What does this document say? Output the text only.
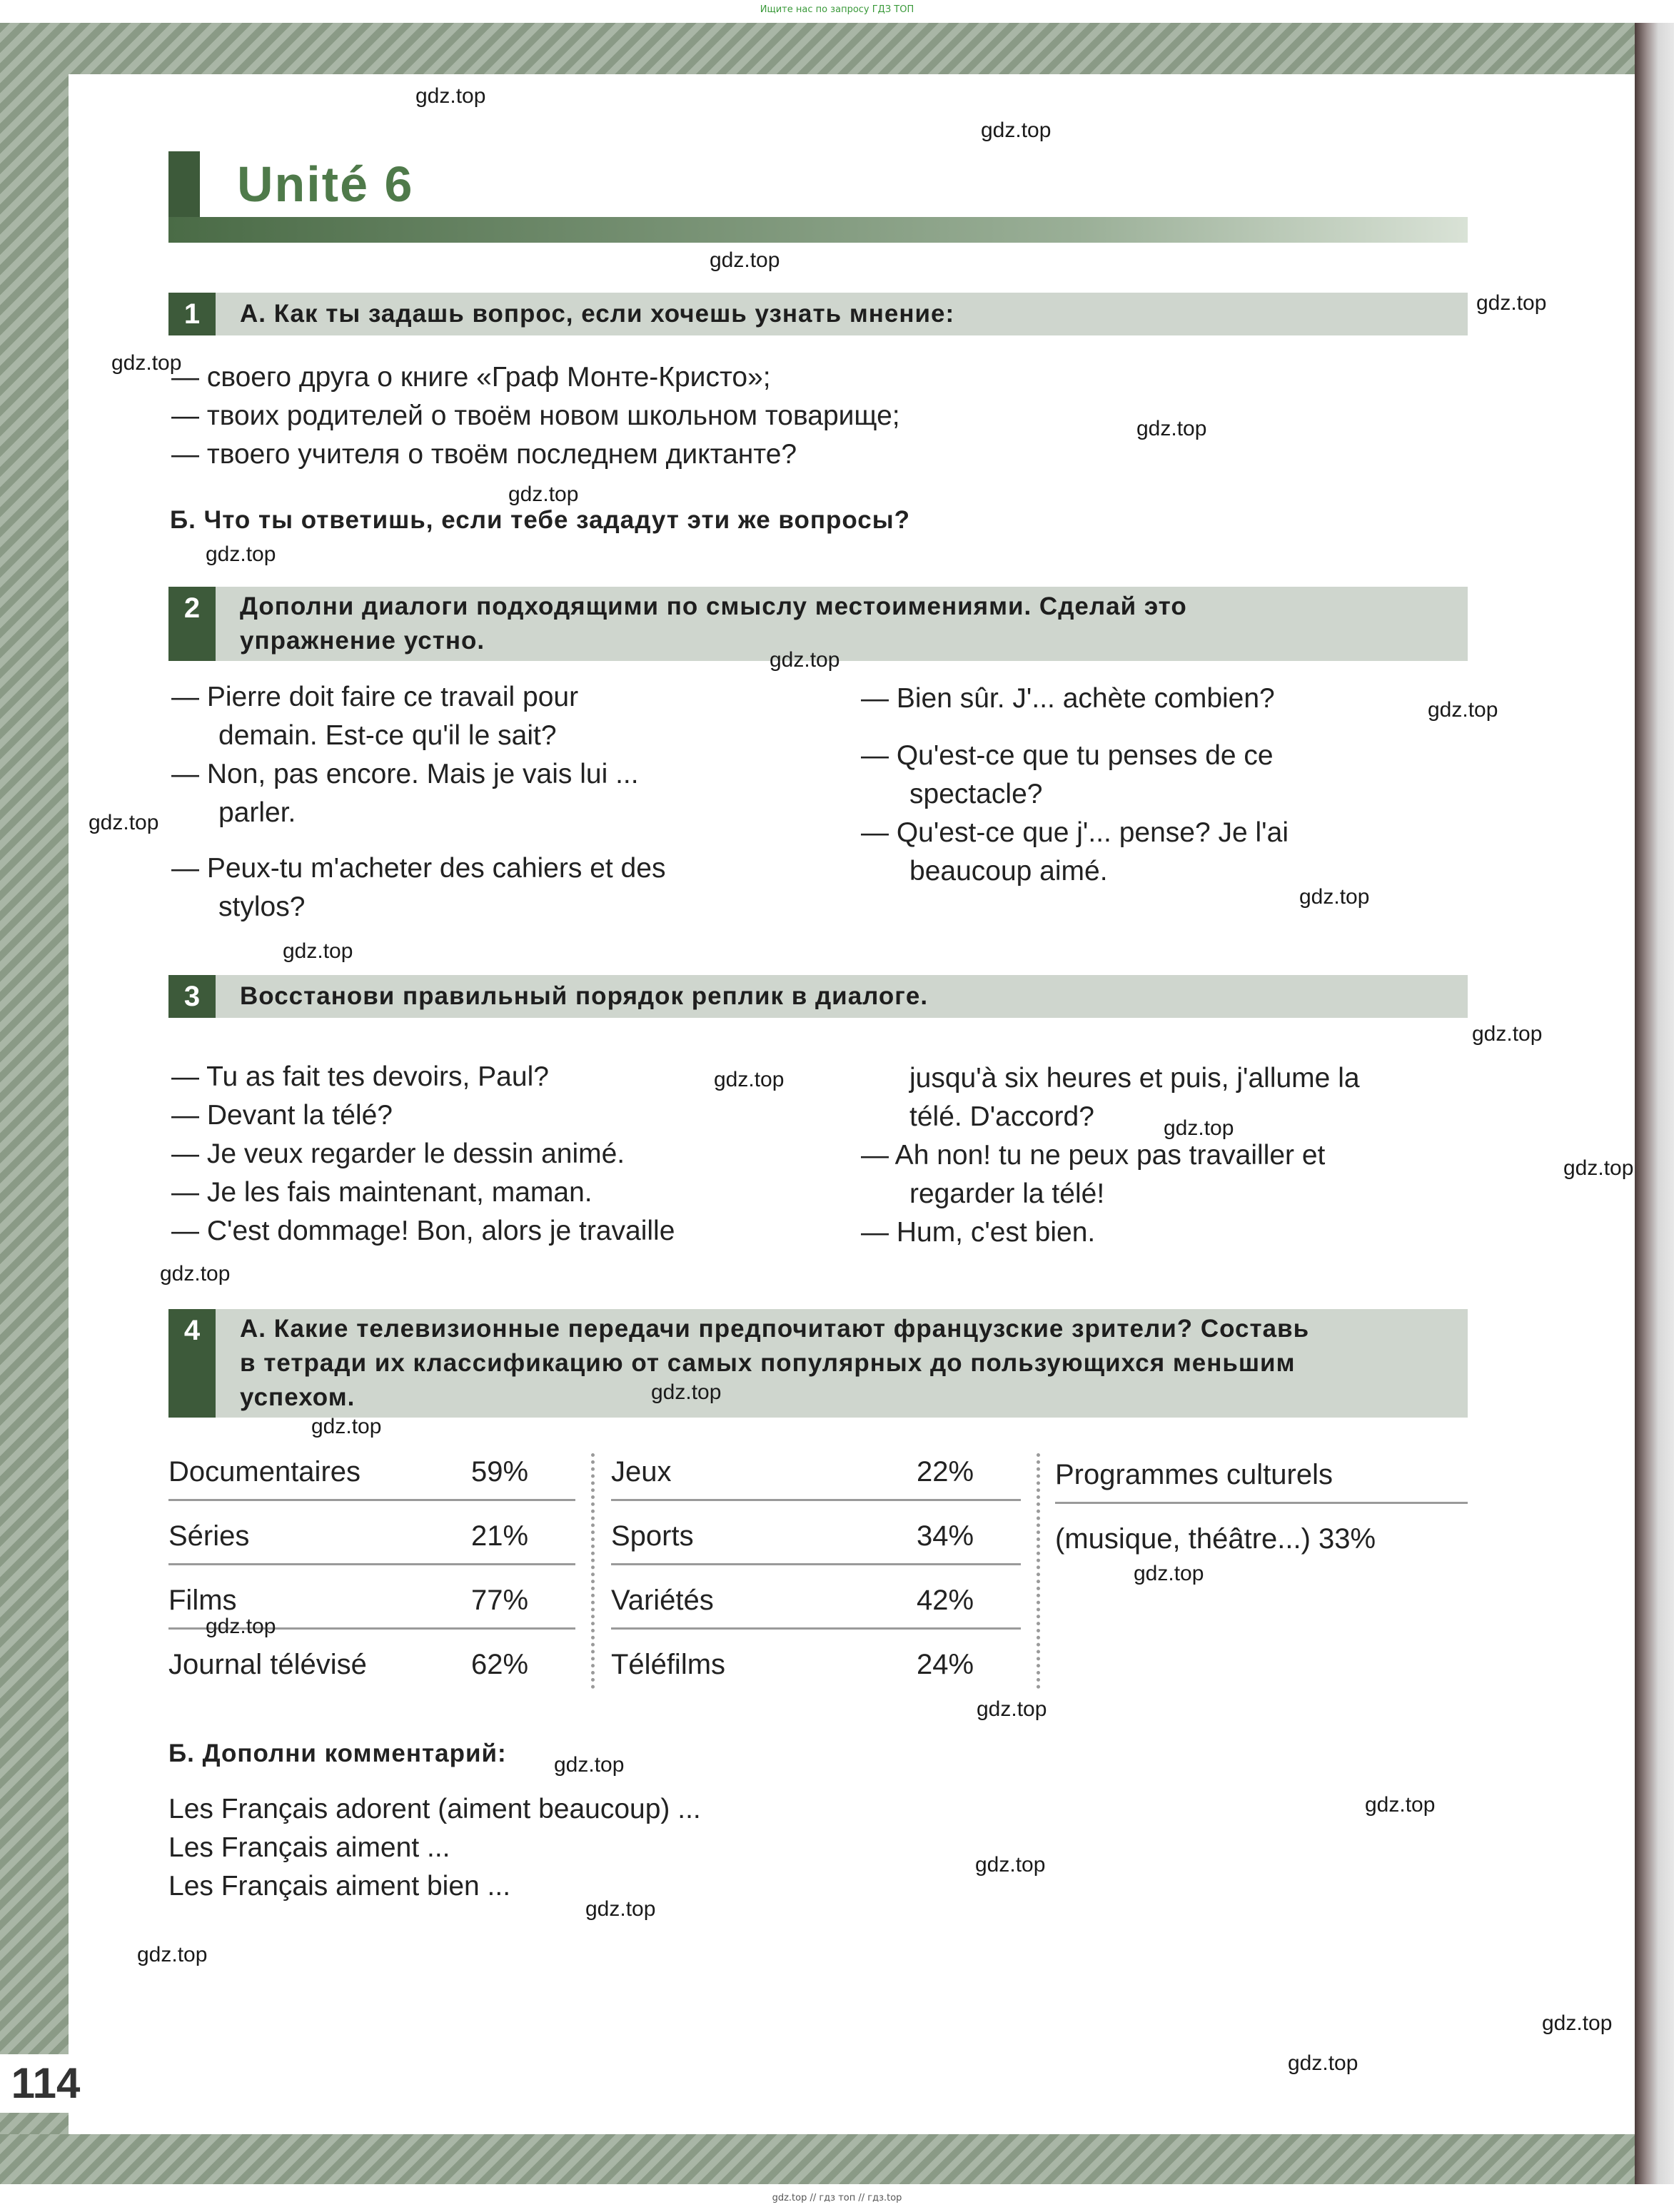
Ищите нас по запросу ГДЗ ТОП
Unité 6
1	А. Как ты задашь вопрос, если хочешь узнать мнение:
— своего друга о книге «Граф Монте-Кристо»;
— твоих родителей о твоём новом школьном товарище;
— твоего учителя о твоём последнем диктанте?
Б. Что ты ответишь, если тебе зададут эти же вопросы?
2	Дополни диалоги подходящими по смыслу местоимениями. Сделай это
упражнение устно.
— Pierre doit faire ce travail pour
demain. Est-ce qu'il le sait?
— Non, pas encore. Mais je vais lui ...
parler.
— Peux-tu m'acheter des cahiers et des
stylos?
— Bien sûr. J'... achète combien?
— Qu'est-ce que tu penses de ce
spectacle?
— Qu'est-ce que j'... pense? Je l'ai
beaucoup aimé.
3	Восстанови правильный порядок реплик в диалоге.
— Tu as fait tes devoirs, Paul?
— Devant la télé?
— Je veux regarder le dessin animé.
— Je les fais maintenant, maman.
— C'est dommage! Bon, alors je travaille
jusqu'à six heures et puis, j'allume la
télé. D'accord?
— Ah non! tu ne peux pas travailler et
regarder la télé!
— Hum, c'est bien.
4	А. Какие телевизионные передачи предпочитают французские зрители? Составь
в тетради их классификацию от самых популярных до пользующихся меньшим
успехом.
Documentaires	59%
Séries	21%
Films	77%
Journal télévisé	62%
Jeux	22%
Sports	34%
Variétés	42%
Téléfilms	24%
Programmes culturels
(musique, théâtre...) 33%
Б. Дополни комментарий:
Les Français adorent (aiment beaucoup) ...
Les Français aiment ...
Les Français aiment bien ...
114
gdz.top
gdz.top
gdz.top
gdz.top
gdz.top
gdz.top
gdz.top
gdz.top
gdz.top
gdz.top
gdz.top
gdz.top
gdz.top
gdz.top
gdz.top
gdz.top
gdz.top
gdz.top
gdz.top
gdz.top
gdz.top
gdz.top
gdz.top
gdz.top
gdz.top
gdz.top
gdz.top
gdz.top
gdz.top
gdz.top
gdz.top // гдз топ // гдз.top
